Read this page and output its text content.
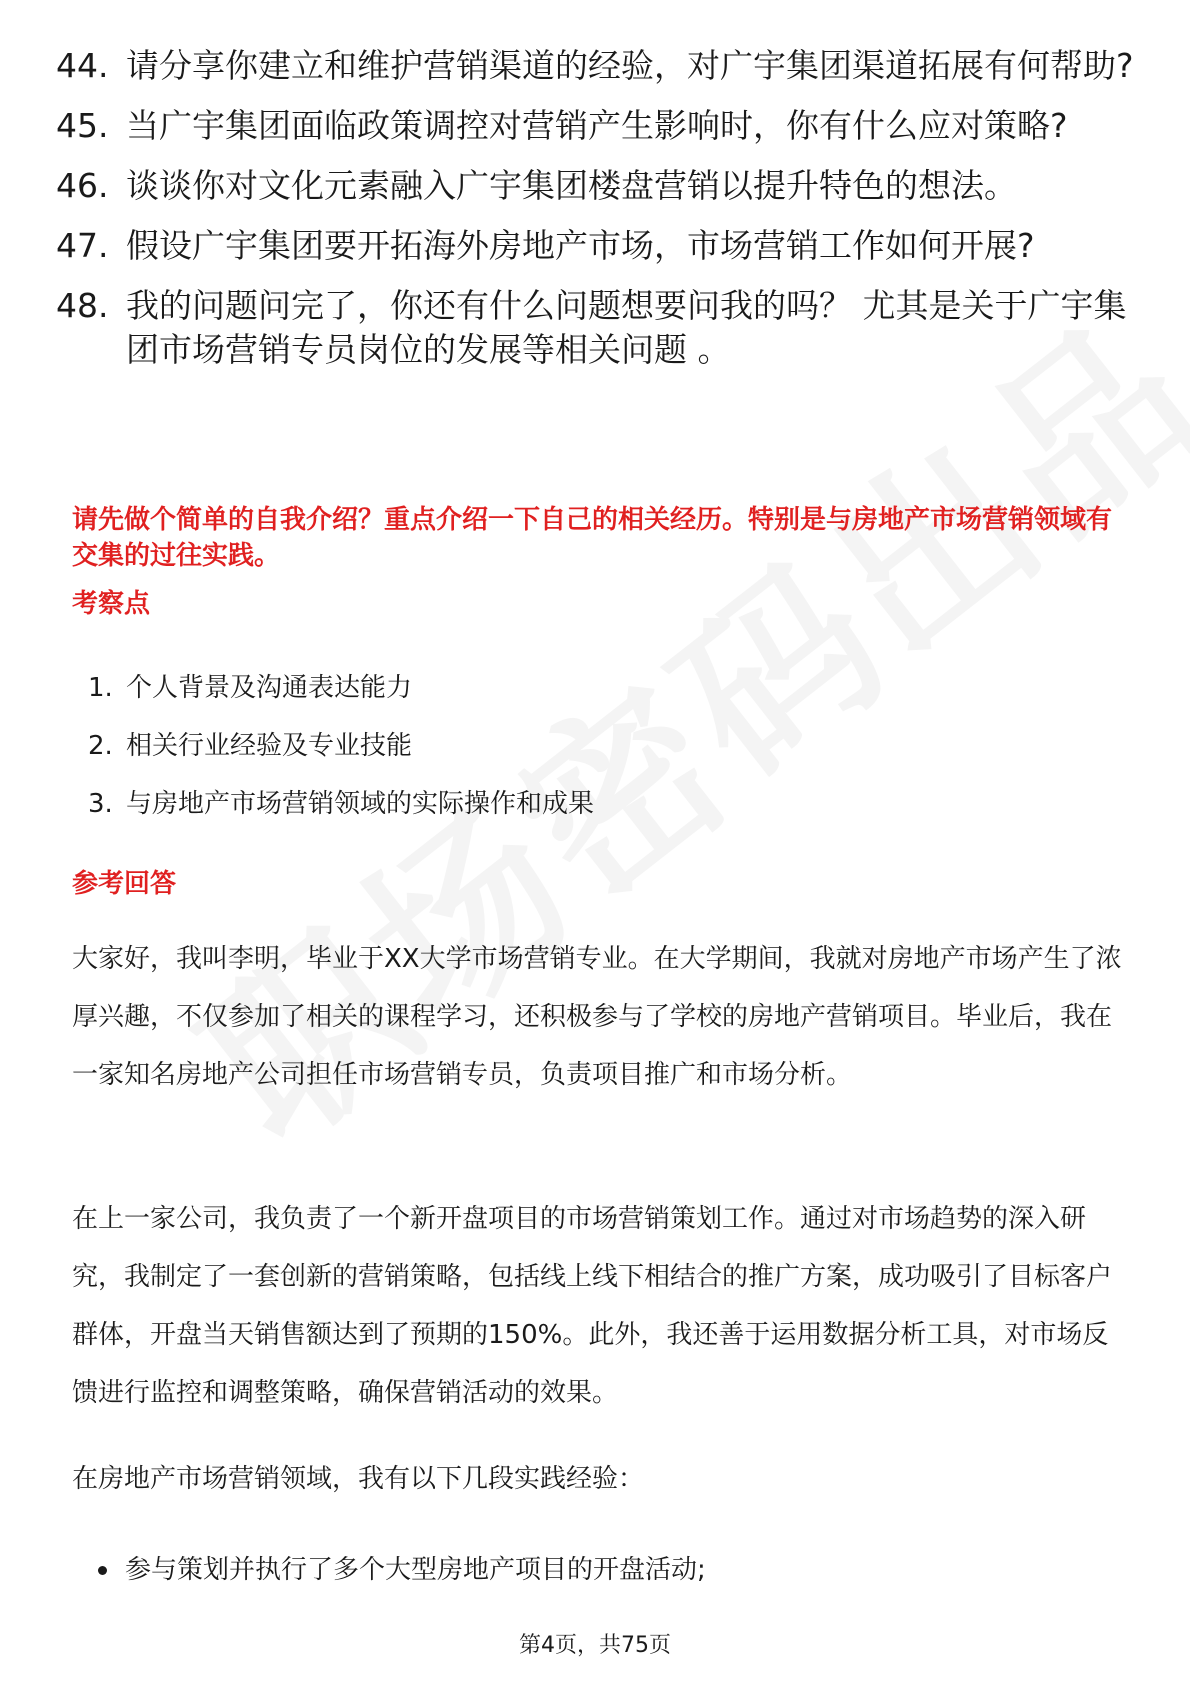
44. 请分享你建立和维护营销渠道的经验，对广宇集团渠道拓展有何帮助?
45. 当广宇集团面临政策调控对营销产生影响时，你有什么应对策略?
46. 谈谈你对文化元素融入广宇集团楼盘营销以提升特色的想法。
47. 假设广宇集团要开拓海外房地产市场，市场营销工作如何开展?
48. 我的问题问完了，你还有什么问题想要问我的吗？ 尤其是关于广宇集团市场营销专员岗位的发展等相关问题 。
请先做个简单的自我介绍？重点介绍一下自己的相关经历。特别是与房地产市场营销领域有交集的过往实践。
考察点
1. 个人背景及沟通表达能力
2. 相关行业经验及专业技能
3. 与房地产市场营销领域的实际操作和成果
参考回答
大家好，我叫李明，毕业于XX大学市场营销专业。在大学期间，我就对房地产市场产生了浓厚兴趣，不仅参加了相关的课程学习，还积极参与了学校的房地产营销项目。毕业后，我在一家知名房地产公司担任市场营销专员，负责项目推广和市场分析。
在上一家公司，我负责了一个新开盘项目的市场营销策划工作。通过对市场趋势的深入研究，我制定了一套创新的营销策略，包括线上线下相结合的推广方案，成功吸引了目标客户群体，开盘当天销售额达到了预期的150%。此外，我还善于运用数据分析工具，对市场反馈进行监控和调整策略，确保营销活动的效果。
在房地产市场营销领域，我有以下几段实践经验：
参与策划并执行了多个大型房地产项目的开盘活动;
第4页，共75页
